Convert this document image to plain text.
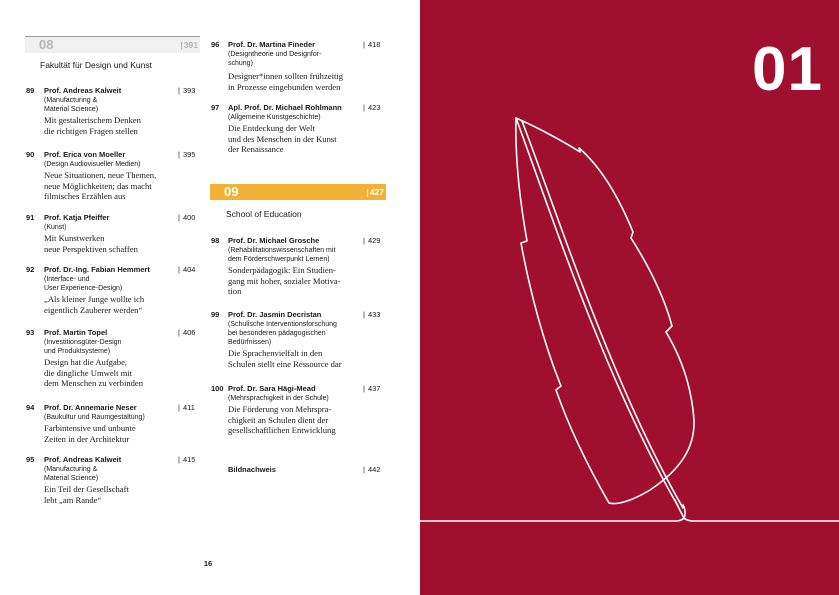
08	| 391
Fakultät für Design und Kunst
09	| 427
School of Education
89 Prof. Andreas Kalweit	| 393
(Manufacturing &
Material Science)
Mit gestalterischem Denken
die richtigen Fragen stellen
90 Prof. Erica von Moeller	| 395
(Design Audiovisueller Medien)
Neue Situationen, neue Themen,
neue Möglichkeiten; das macht
filmisches Erzählen aus
91 Prof. Katja Pfeiffer	| 400
(Kunst)
Mit Kunstwerken
neue Perspektiven schaffen
92 Prof. Dr.-Ing. Fabian Hemmert	| 404
(Interface- und
User Experience-Design)
„Als kleiner Junge wollte ich
eigentlich Zauberer werden“
93 Prof. Martin Topel	| 406
(Investitionsgüter-Design
und Produktsysteme)
Design hat die Aufgabe,
die dingliche Umwelt mit
dem Menschen zu verbinden
94 Prof. Dr. Annemarie Neser	| 411
(Baukultur und Raumgestaltung)
Farbintensive und unbunte
Zeiten in der Architektur
95 Prof. Andreas Kalweit	| 415
(Manufacturing &
Material Science)
Ein Teil der Gesellschaft
lebt „am Rande“
96 Prof. Dr. Martina Fineder	| 418
(Designtheorie und Designfor-
schung)
Designer*innen sollten frühzeitig
in Prozesse eingebunden werden
97 Apl. Prof. Dr. Michael Rohlmann	| 423
(Allgemeine Kunstgeschichte)
Die Entdeckung der Welt
und des Menschen in der Kunst
der Renaissance
98 Prof. Dr. Michael Grosche	| 429
(Rehabilitationswissenschaften mit
dem Förderschwerpunkt Lernen)
Sonderpädagogik: Ein Studien-
gang mit hoher, sozialer Motiva-
tion
99 Prof. Dr. Jasmin Decristan	| 433
(Schulische Interventionsforschung
bei besonderen pädagogischen
Bedürfnissen)
Die Sprachenvielfalt in den
Schulen stellt eine Ressource dar
100 Prof. Dr. Sara Hägi-Mead	| 437
(Mehrsprachigkeit in der Schule)
Die Förderung von Mehrspra-
chigkeit an Schulen dient der
gesellschaftlichen Entwicklung
Bildnachweis	| 442
16
01
